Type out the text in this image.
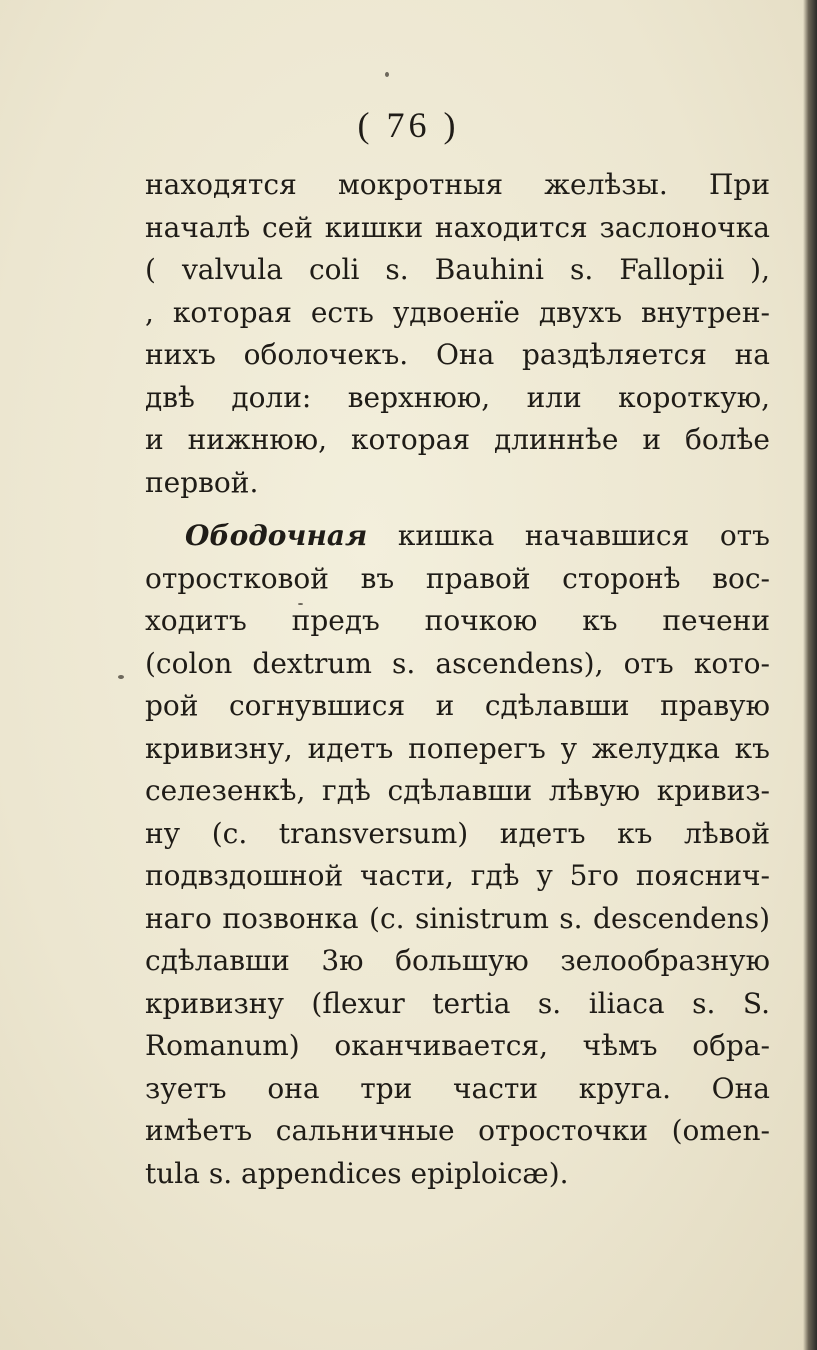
( 76 )
находятся мокротныя желѣзы. При
началѣ сей кишки находится заслоночка
( valvula coli s. Bauhini s. Fallopii ),
, которая есть удвоенїе двухъ внутрен-
нихъ оболочекъ. Она раздѣляется на
двѣ доли: верхнюю, или короткую,
и нижнюю, которая длиннѣе и болѣе
первой.
Ободочная кишка начавшися отъ
отростковой въ правой сторонѣ вос-
ходитъ предъ почкою къ печени
(colon dextrum s. ascendens), отъ кото-
рой согнувшися и сдѣлавши правую
кривизну, идетъ поперегъ у желудка къ
селезенкѣ, гдѣ сдѣлавши лѣвую кривиз-
ну (c. transversum) идетъ къ лѣвой
подвздошной части, гдѣ у 5го пояснич-
наго позвонка (c. sinistrum s. descendens)
сдѣлавши 3ю большую зелообразную
кривизну (flexur tertia s. iliaca s. S.
Romanum) оканчивается, чѣмъ обра-
зуетъ она три части круга. Она
имѣетъ сальничные отросточки (omen-
tula s. appendices epiploicæ).
